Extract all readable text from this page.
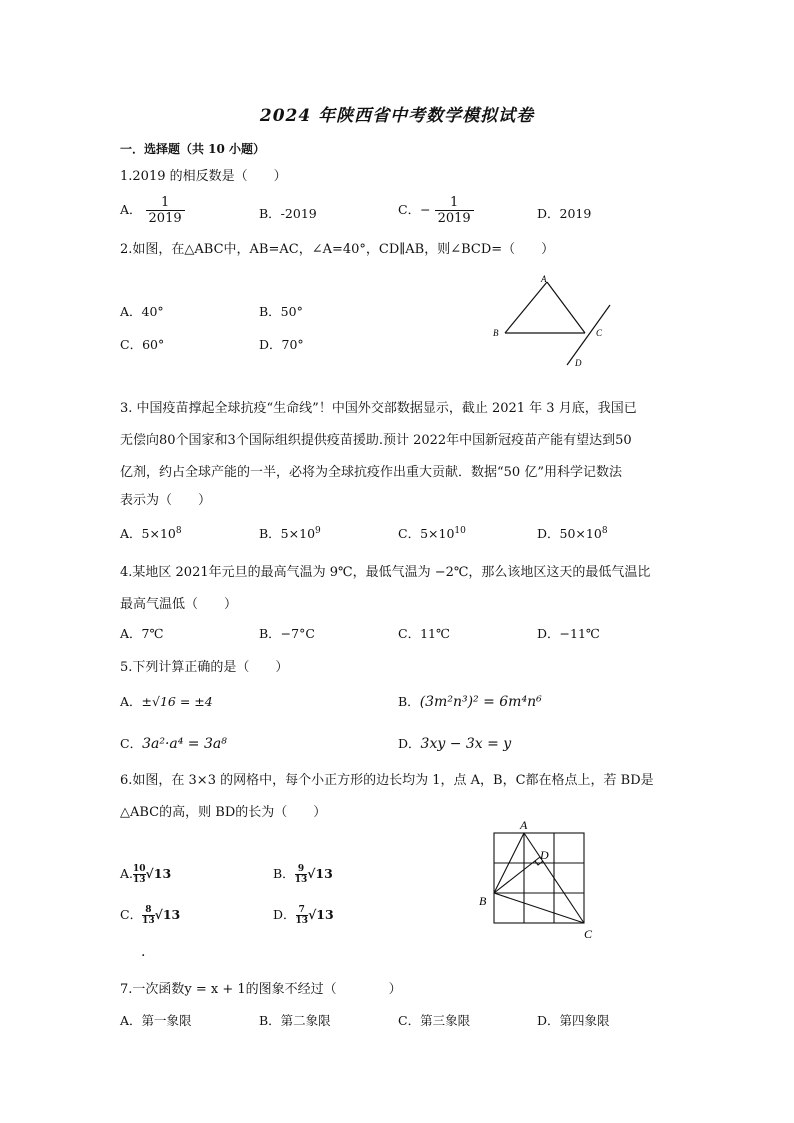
2024 年陕西省中考数学模拟试卷
一．选择题（共 10 小题）
1.2019 的相反数是（　　）
A． $\frac{1}{2019}$	B．-2019	C．− $\frac{1}{2019}$	D．2019
2.如图，在△ABC中，AB=AC，∠A=40°，CD∥AB，则∠BCD=（　　）
A．40°	B．50°
C．60°	D．70°
A
B	C
D
3. 中国疫苗撑起全球抗疫“生命线”！中国外交部数据显示，截止 2021 年 3 月底，我国已
无偿向80个国家和3个国际组织提供疫苗援助.预计 2022年中国新冠疫苗产能有望达到50
亿剂，约占全球产能的一半，必将为全球抗疫作出重大贡献．数据“50 亿”用科学记数法
表示为（　　）
A．$5\times 10^8$	B．$5\times 10^9$	C．$5\times 10^{10}$	D．$50\times 10^8$
4.某地区 2021年元旦的最高气温为 9℃，最低气温为 −2℃，那么该地区这天的最低气温比
最高气温低（　　）
A．7℃	B．−7°C	C．11℃	D．−11℃
5.下列计算正确的是（　　）
A．±√16 = ±4	B．(3m²n³)² = 6m⁴n⁶
C．3a²·a⁴ = 3a⁸	D．3xy − 3x = y
6.如图，在 3×3 的网格中，每个小正方形的边长均为 1，点 A，B，C都在格点上，若 BD是
△ABC的高，则 BD的长为（　　）
$A.\frac{10}{13} √13$	B．$\frac{9}{13} √13$
C．$\frac{8}{13} √13$	D．$\frac{7}{13} √13$
.
A
B
C
D
7.一次函数y = x + 1的图象不经过（　　　　）
A．第一象限	B．第二象限	C．第三象限	D．第四象限
